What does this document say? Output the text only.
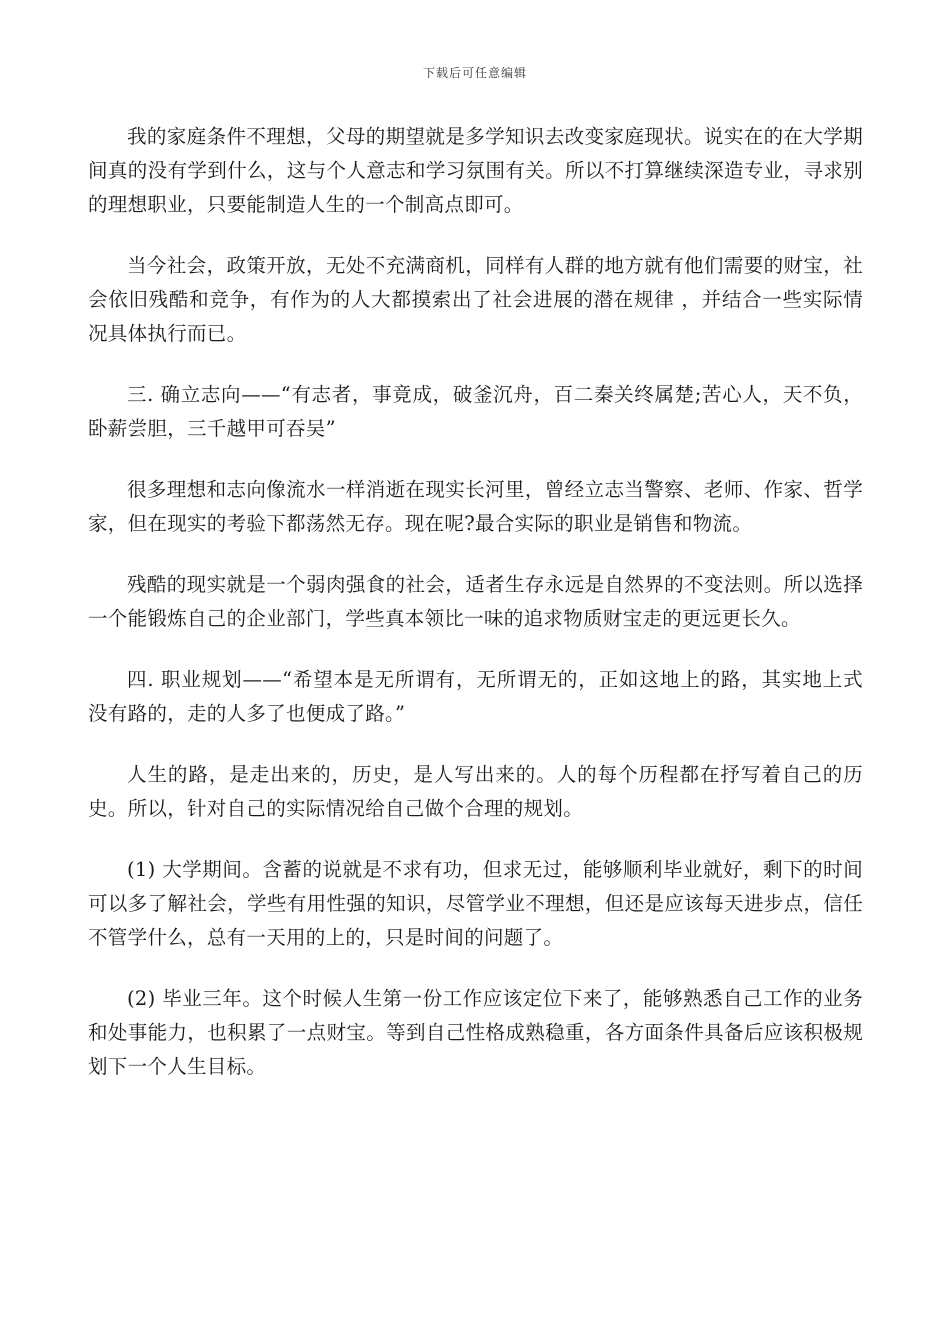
下载后可任意编辑

我的家庭条件不理想，父母的期望就是多学知识去改变家庭现状。说实在的在大学期间真的没有学到什么，这与个人意志和学习氛围有关。所以不打算继续深造专业，寻求别的理想职业，只要能制造人生的一个制高点即可。

当今社会，政策开放，无处不充满商机，同样有人群的地方就有他们需要的财宝，社会依旧残酷和竞争，有作为的人大都摸索出了社会进展的潜在规律 ，并结合一些实际情况具体执行而已。

三. 确立志向——“有志者，事竟成，破釜沉舟，百二秦关终属楚;苦心人，天不负，卧薪尝胆，三千越甲可吞吴”

很多理想和志向像流水一样消逝在现实长河里，曾经立志当警察、老师、作家、哲学家，但在现实的考验下都荡然无存。现在呢?最合实际的职业是销售和物流。

残酷的现实就是一个弱肉强食的社会，适者生存永远是自然界的不变法则。所以选择一个能锻炼自己的企业部门，学些真本领比一味的追求物质财宝走的更远更长久。

四. 职业规划——“希望本是无所谓有，无所谓无的，正如这地上的路，其实地上式没有路的，走的人多了也便成了路。”

人生的路，是走出来的，历史，是人写出来的。人的每个历程都在抒写着自己的历史。所以，针对自己的实际情况给自己做个合理的规划。

(1) 大学期间。含蓄的说就是不求有功，但求无过，能够顺利毕业就好，剩下的时间可以多了解社会，学些有用性强的知识，尽管学业不理想，但还是应该每天进步点，信任不管学什么，总有一天用的上的，只是时间的问题了。

(2) 毕业三年。这个时候人生第一份工作应该定位下来了，能够熟悉自己工作的业务和处事能力，也积累了一点财宝。等到自己性格成熟稳重，各方面条件具备后应该积极规划下一个人生目标。
